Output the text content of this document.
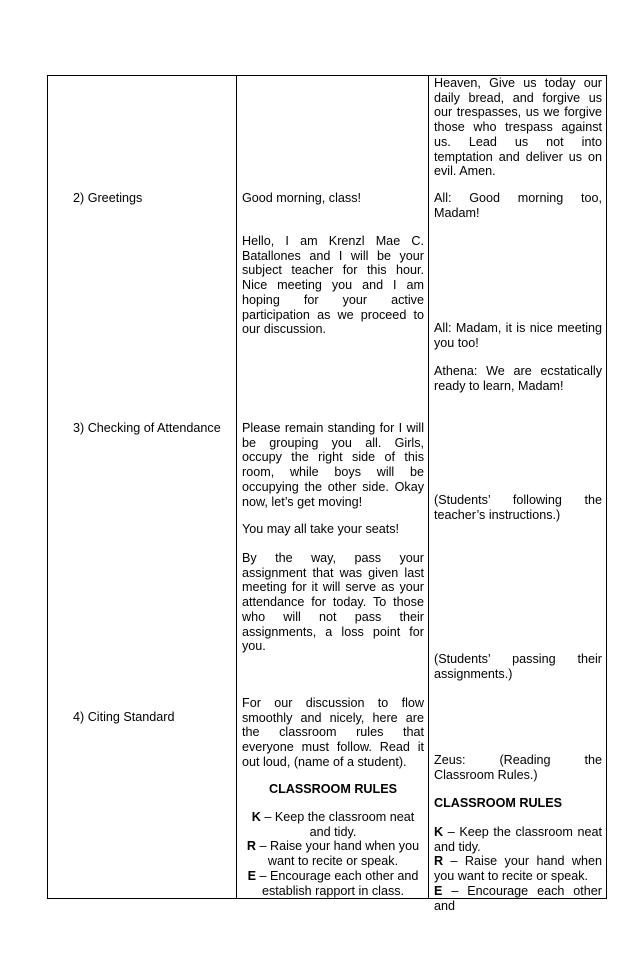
Heaven, Give us today our daily bread, and forgive us our trespasses, us we forgive those who trespass against us. Lead us not into temptation and deliver us on evil. Amen.
2) Greetings	Good morning, class!
Hello, I am Krenzl Mae C. Batallones and I will be your subject teacher for this hour. Nice meeting you and I am hoping for your active participation as we proceed to our discussion.
All:  Good  morning  too,
Madam!
All: Madam, it is nice meeting you too!
Athena: We are ecstatically ready to learn, Madam!
3) Checking of Attendance	Please remain standing for I will be grouping you all. Girls, occupy the right side of this room, while boys will be occupying the other side. Okay now, let’s get moving!
You may all take your seats!
By the way, pass your assignment that was given last meeting for it will serve as your attendance for today. To those who will not pass their assignments, a loss point for you.
(Students’ following the teacher’s instructions.)
(Students’ passing their assignments.)
4) Citing Standard
For our discussion to flow smoothly and nicely, here are the classroom rules that everyone must follow. Read it out loud, (name of a student).
CLASSROOM RULES

K – Keep the classroom neat and tidy.

R – Raise your hand when you want to recite or speak.

E – Encourage each other and establish rapport in class.

Zeus:  (Reading  the
Classroom Rules.)
CLASSROOM RULES

K – Keep the classroom neat and tidy.

R – Raise your hand when you want to recite or speak.

E – Encourage each other and
